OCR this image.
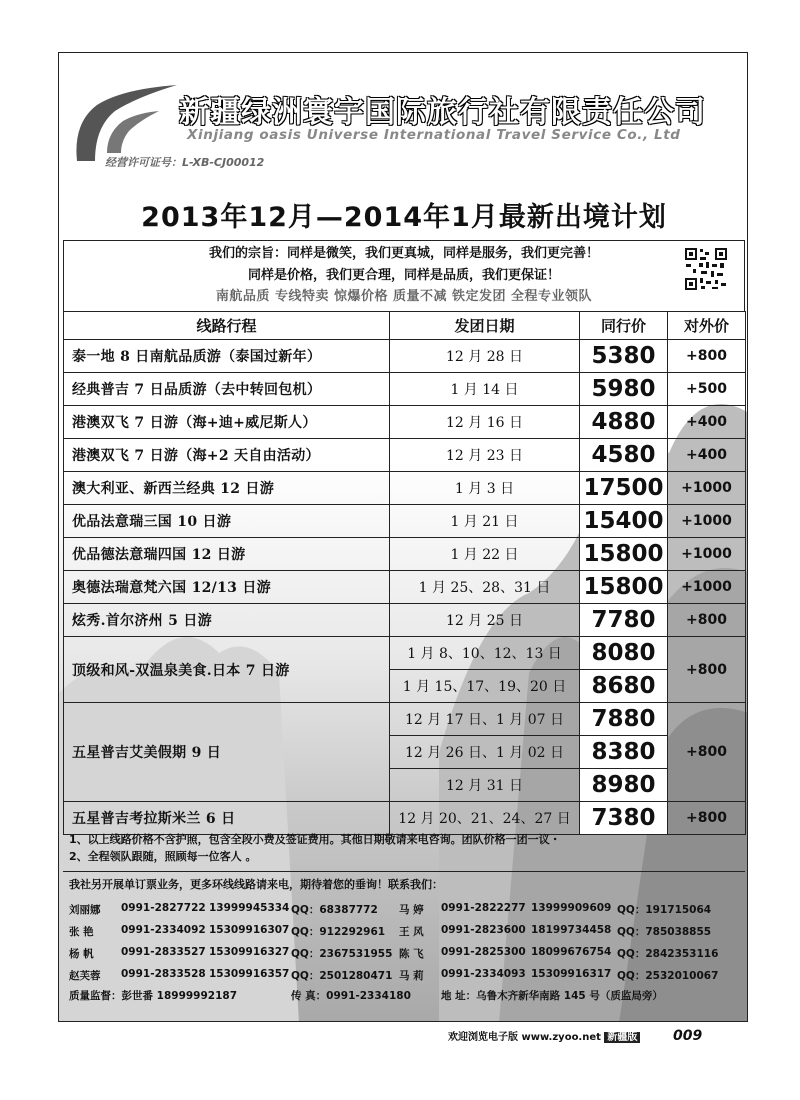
新疆绿洲寰宇国际旅行社有限责任公司
Xinjiang oasis Universe International Travel Service Co., Ltd
经营许可证号：L-XB-CJ00012
2013年12月—2014年1月最新出境计划
我们的宗旨：同样是微笑，我们更真城，同样是服务，我们更完善！
同样是价格，我们更合理，同样是品质，我们更保证！
南航品质 专线特卖 惊爆价格 质量不减 铁定发团 全程专业领队
线路行程	发团日期	同行价	对外价
泰一地 8 日南航品质游（泰国过新年）	12 月 28 日	5380	+800
经典普吉 7 日品质游（去中转回包机）	1 月 14 日	5980	+500
港澳双飞 7 日游（海+迪+威尼斯人）	12 月 16 日	4880	+400
港澳双飞 7 日游（海+2 天自由活动）	12 月 23 日	4580	+400
澳大利亚、新西兰经典 12 日游	1 月 3 日	17500	+1000
优品法意瑞三国 10 日游	1 月 21 日	15400	+1000
优品德法意瑞四国 12 日游	1 月 22 日	15800	+1000
奥德法瑞意梵六国 12/13 日游	1 月 25、28、31 日	15800	+1000
炫秀.首尔济州 5 日游	12 月 25 日	7780	+800
顶级和风-双温泉美食.日本 7 日游	1 月 8、10、12、13 日	8080	+800
	1 月 15、17、19、20 日	8680	
五星普吉艾美假期 9 日	12 月 17 日、1 月 07 日	7880	+800
	12 月 26 日、1 月 02 日	8380	
	12 月 31 日	8980	
五星普吉考拉斯米兰 6 日	12 月 20、21、24、27 日	7380	+800
1、以上线路价格不含护照，包含全段小费及签证费用。其他日期敬请来电咨询。团队价格一团一议・
2、全程领队跟随，照顾每一位客人 。
我社另开展单订票业务，更多环线线路请来电，期待着您的垂询！联系我们：
刘丽娜 0991-2827722 13999945334 QQ：68387772 马 婷 0991-2822277 13999909609 QQ：191715064
张 艳	0991-2334092 15309916307 QQ：912292961 王 风 0991-2823600 18199734458 QQ：785038855
杨 帆	0991-2833527 15309916327 QQ：2367531955 陈 飞 0991-2825300 18099676754 QQ：2842353116
赵芙蓉 0991-2833528 15309916357 QQ：2501280471 马 莉 0991-2334093 15309916317 QQ：2532010067
质量监督：彭世番 18999992187	传 真：0991-2334180	地 址：乌鲁木齐新华南路 145 号（质监局旁）
欢迎浏览电子版 www.zyoo.net 新疆版	009
